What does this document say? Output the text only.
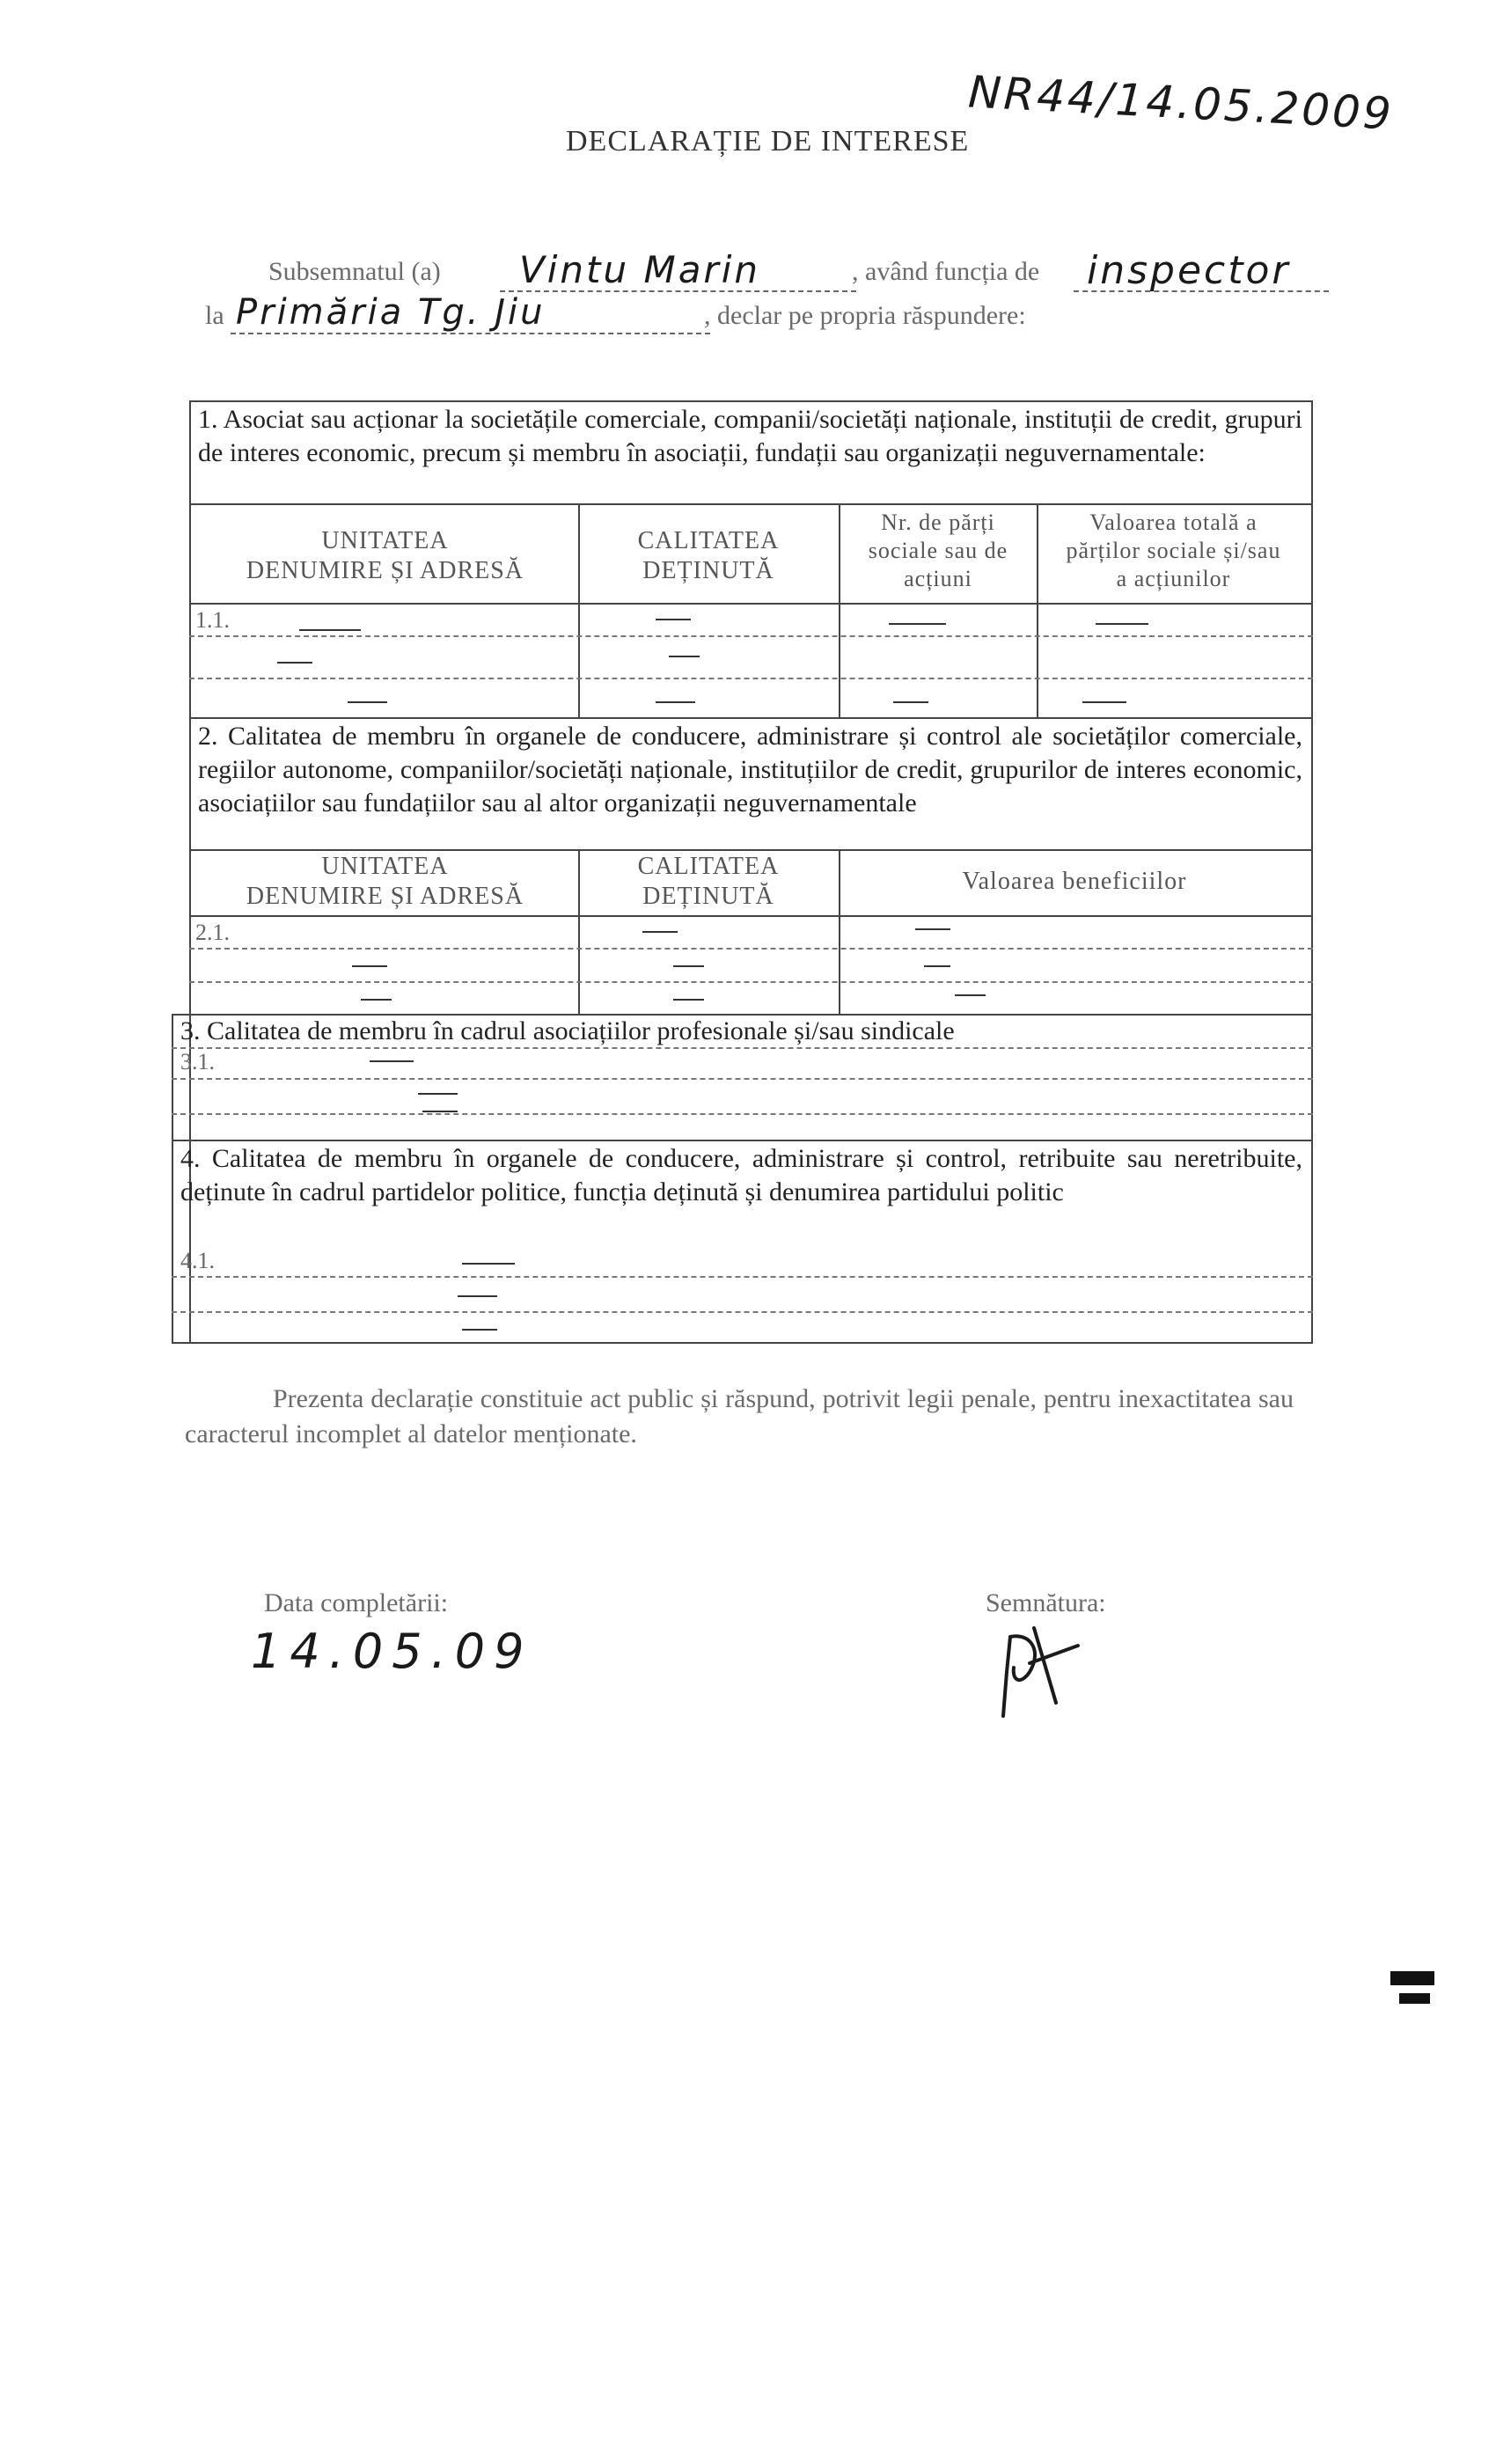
NR44/14.05.2009
DECLARAȚIE DE INTERESE
Subsemnatul (a) Vintu Marin	, având funcția de inspector
la Primăria Tg. Jiu	, declar pe propria răspundere:
1. Asociat sau acționar la societățile comerciale, companii/societăți naționale, instituții de credit, grupuri de interes economic, precum și membru în asociații, fundații sau organizații neguvernamentale:
UNITATEA
DENUMIRE ȘI ADRESĂ
CALITATEA
DEȚINUTĂ
Nr. de părți
sociale sau de
acțiuni
Valoarea totală a
părților sociale și/sau
a acțiunilor
1.1.
2. Calitatea de membru în organele de conducere, administrare și control ale societăților comerciale, regiilor autonome, companiilor/societăți naționale, instituțiilor de credit, grupurilor de interes economic, asociațiilor sau fundațiilor sau al altor organizații neguvernamentale
UNITATEA
DENUMIRE ȘI ADRESĂ
CALITATEA
DEȚINUTĂ
Valoarea beneficiilor
2.1.
3. Calitatea de membru în cadrul asociațiilor profesionale și/sau sindicale
3.1.
4. Calitatea de membru în organele de conducere, administrare și control, retribuite sau neretribuite, deținute în cadrul partidelor politice, funcția deținută și denumirea partidului politic
4.1.
Prezenta declarație constituie act public și răspund, potrivit legii penale, pentru inexactitatea sau caracterul incomplet al datelor menționate.
Data completării:
14.05.09
Semnătura:
